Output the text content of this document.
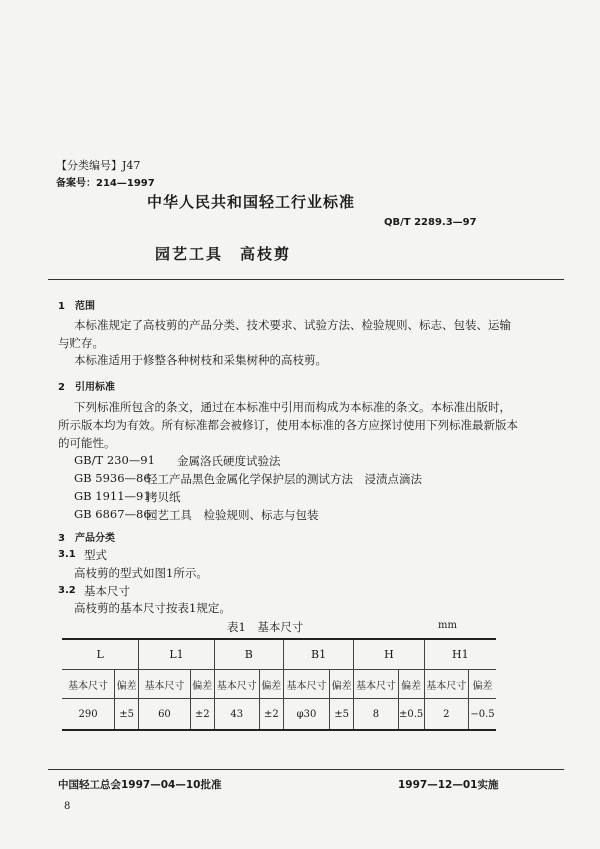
【分类编号】J47
备案号：214—1997
中华人民共和国轻工行业标准
QB/T 2289.3—97
园艺工具　高枝剪
1　范围
本标准规定了高枝剪的产品分类、技术要求、试验方法、检验规则、标志、包装、运输
与贮存。
本标准适用于修整各种树枝和采集树种的高枝剪。
2　引用标准
下列标准所包含的条文，通过在本标准中引用而构成为本标准的条文。本标准出版时，
所示版本均为有效。所有标准都会被修订，使用本标准的各方应探讨使用下列标准最新版本
的可能性。
GB/T 230—91 金属洛氏硬度试验法
GB 5936—86
轻工产品黑色金属化学保护层的测试方法　浸渍点滴法
GB 1911—91
拷贝纸
GB 6867—86
园艺工具　检验规则、标志与包装
3　产品分类
3.1 型式
高枝剪的型式如图1所示。
3.2 基本尺寸
高枝剪的基本尺寸按表1规定。
表1　基本尺寸	mm
L		L1		B		B1		H		H1	
基本尺寸	偏差	基本尺寸	偏差	基本尺寸	偏差	基本尺寸	偏差	基本尺寸	偏差	基本尺寸	偏差
290	±5	60	±2	43	±2	φ30	±5	8	±0.5	2	−0.5
中国轻工总会1997—04—10批准	1997—12—01实施
8
